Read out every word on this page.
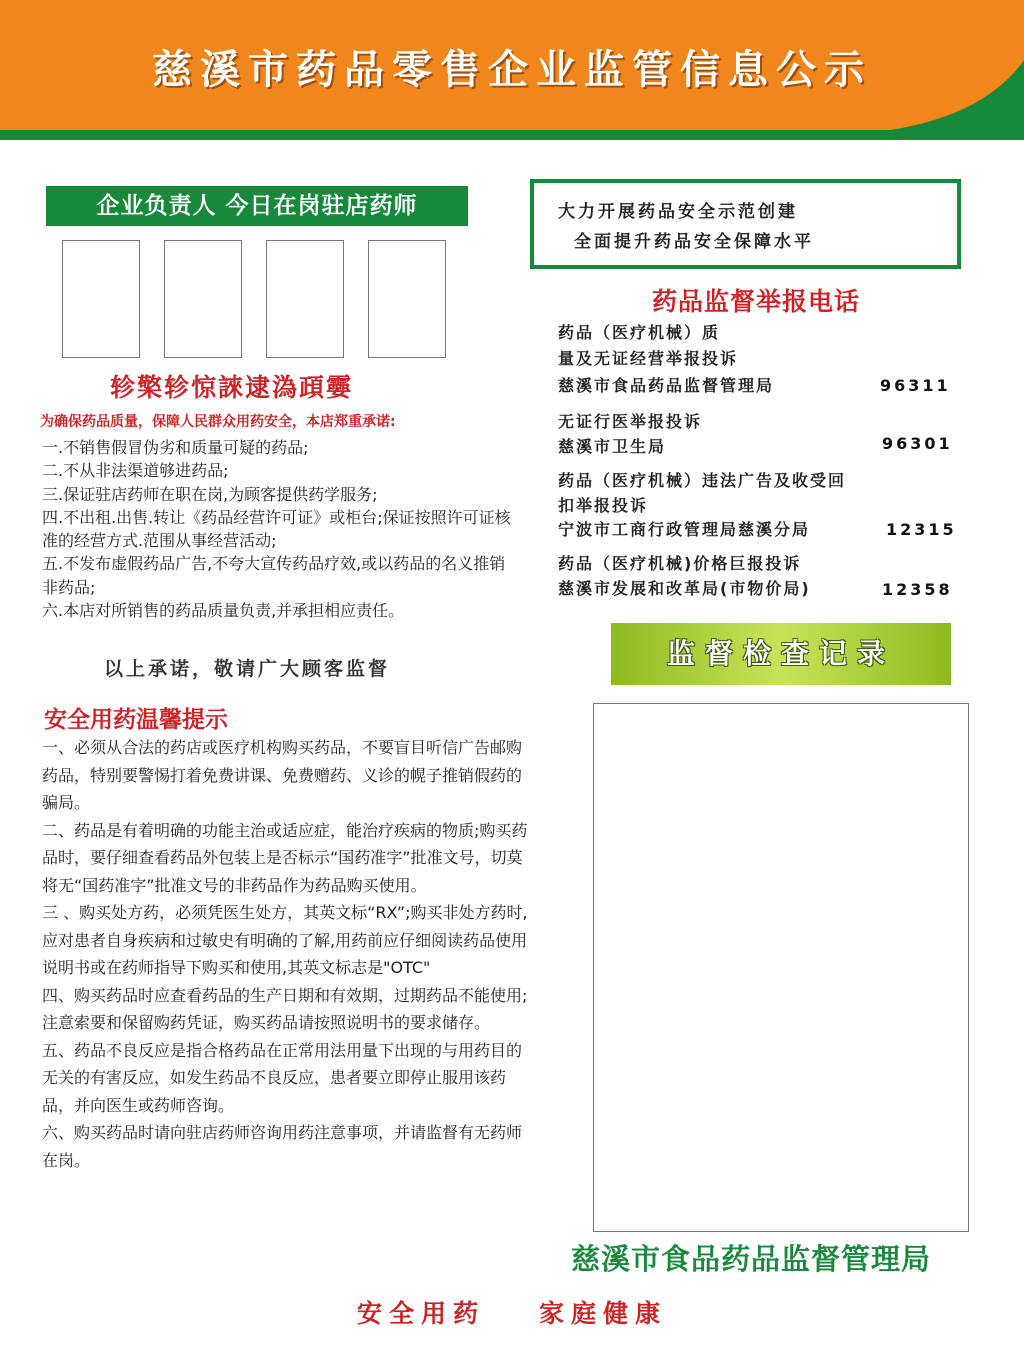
慈溪市药品零售企业监管信息公示
企业负责人 今日在岗驻店药师
轸檠轸惊誺逮溈頙孁
为确保药品质量，保障人民群众用药安全，本店郑重承诺:
一.不销售假冒伪劣和质量可疑的药品;
二.不从非法渠道够进药品;
三.保证驻店药师在职在岗,为顾客提供药学服务;
四.不出租.出售.转让《药品经营许可证》或柜台;保证按照许可证核准的经营方式.范围从事经营活动;
五.不发布虚假药品广告,不夸大宣传药品疗效,或以药品的名义推销非药品;
六.本店对所销售的药品质量负责,并承担相应责任。
以上承诺，敬请广大顾客监督
安全用药温馨提示

一、必须从合法的药店或医疗机构购买药品，不要盲目听信广告邮购药品，特别要警惕打着免费讲课、免费赠药、义诊的幌子推销假药的骗局。

二、药品是有着明确的功能主治或适应症，能治疗疾病的物质;购买药品时，要仔细查看药品外包装上是否标示“国药准字”批准文号，切莫将无“国药准字”批准文号的非药品作为药品购买使用。

三 、购买处方药，必须凭医生处方，其英文标“RX”;购买非处方药时,应对患者自身疾病和过敏史有明确的了解,用药前应仔细阅读药品使用说明书或在药师指导下购买和使用,其英文标志是"OTC"

四、购买药品时应查看药品的生产日期和有效期，过期药品不能使用;注意索要和保留购药凭证，购买药品请按照说明书的要求储存。

五、药品不良反应是指合格药品在正常用法用量下出现的与用药目的无关的有害反应，如发生药品不良反应，患者要立即停止服用该药品，并向医生或药师咨询。

六、购买药品时请向驻店药师咨询用药注意事项，并请监督有无药师在岗。

大力开展药品安全示范创建
全面提升药品安全保障水平
药品监督举报电话
药品（医疗机械）质
量及无证经营举报投诉
慈溪市食品药品监督管理局	96311
无证行医举报投诉
慈溪市卫生局	96301
药品（医疗机械）违法广告及收受回
扣举报投诉
宁波市工商行政管理局慈溪分局	12315
药品（医疗机械)价格巨报投诉
慈溪市发展和改革局(市物价局)	12358
监督检查记录
慈溪市食品药品监督管理局
安全用药 家庭健康
